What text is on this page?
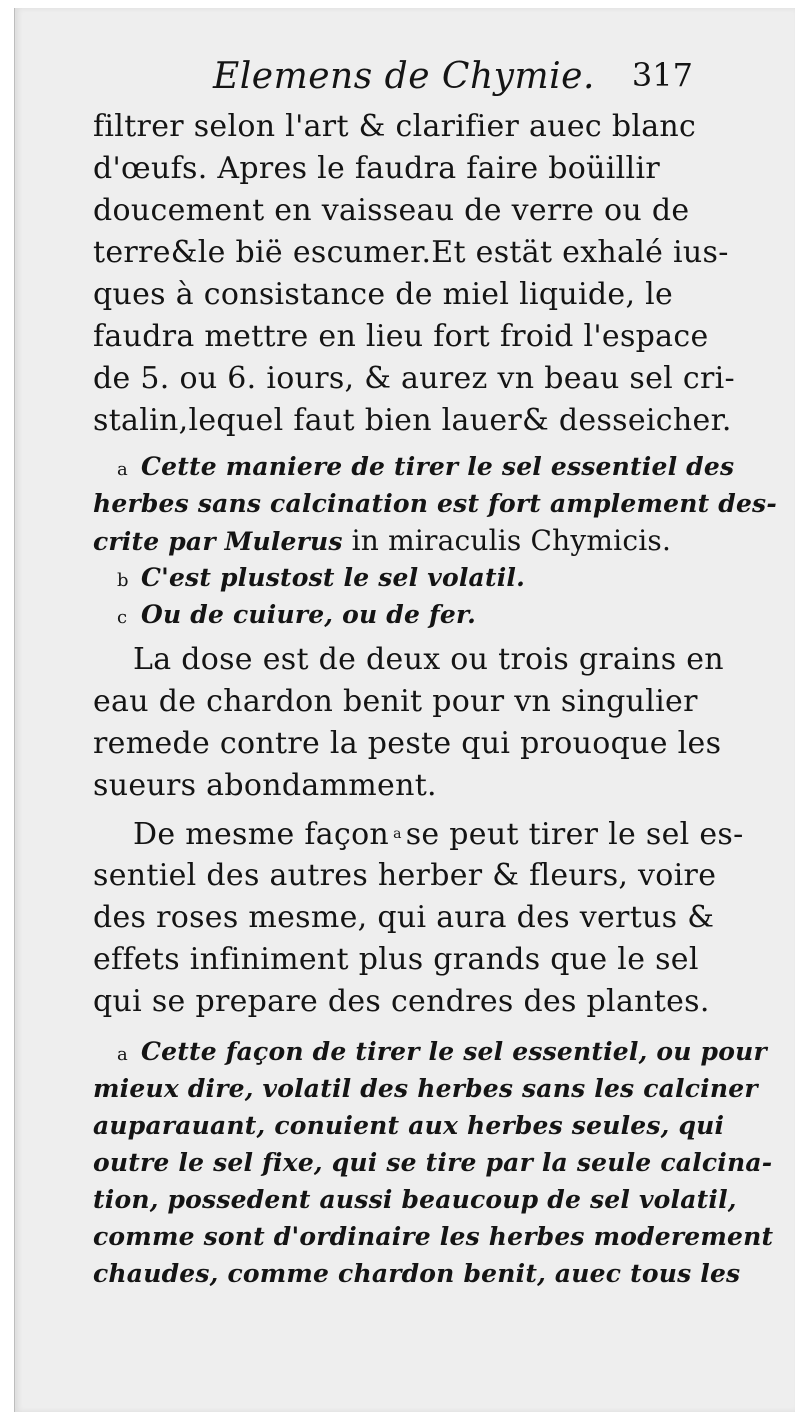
Elemens de Chymie. 317
filtrer selon l'art & clarifier auec blanc
d'œufs. Apres le faudra faire boüillir
doucement en vaisseau de verre ou de
terre&le bië escumer.Et estät exhalé ius-
ques à consistance de miel liquide, le
faudra mettre en lieu fort froid l'espace
de 5. ou 6. iours, & aurez vn beau sel cri-
stalin,lequel faut bien lauer& desseicher.
a Cette maniere de tirer le sel essentiel des
herbes sans calcination est fort amplement des-
crite par Mulerus in miraculis Chymicis.
b C'est plustost le sel volatil.
c Ou de cuiure, ou de fer.
La dose est de deux ou trois grains en
eau de chardon benit pour vn singulier
remede contre la peste qui prouoque les
sueurs abondamment.
De mesme façon $^a$ se peut tirer le sel es-
sentiel des autres herber & fleurs, voire
des roses mesme, qui aura des vertus &
effets infiniment plus grands que le sel
qui se prepare des cendres des plantes.
a Cette façon de tirer le sel essentiel, ou pour
mieux dire, volatil des herbes sans les calciner
auparauant, conuient aux herbes seules, qui
outre le sel fixe, qui se tire par la seule calcina-
tion, possedent aussi beaucoup de sel volatil,
comme sont d'ordinaire les herbes moderement
chaudes, comme chardon benit, auec tous les
